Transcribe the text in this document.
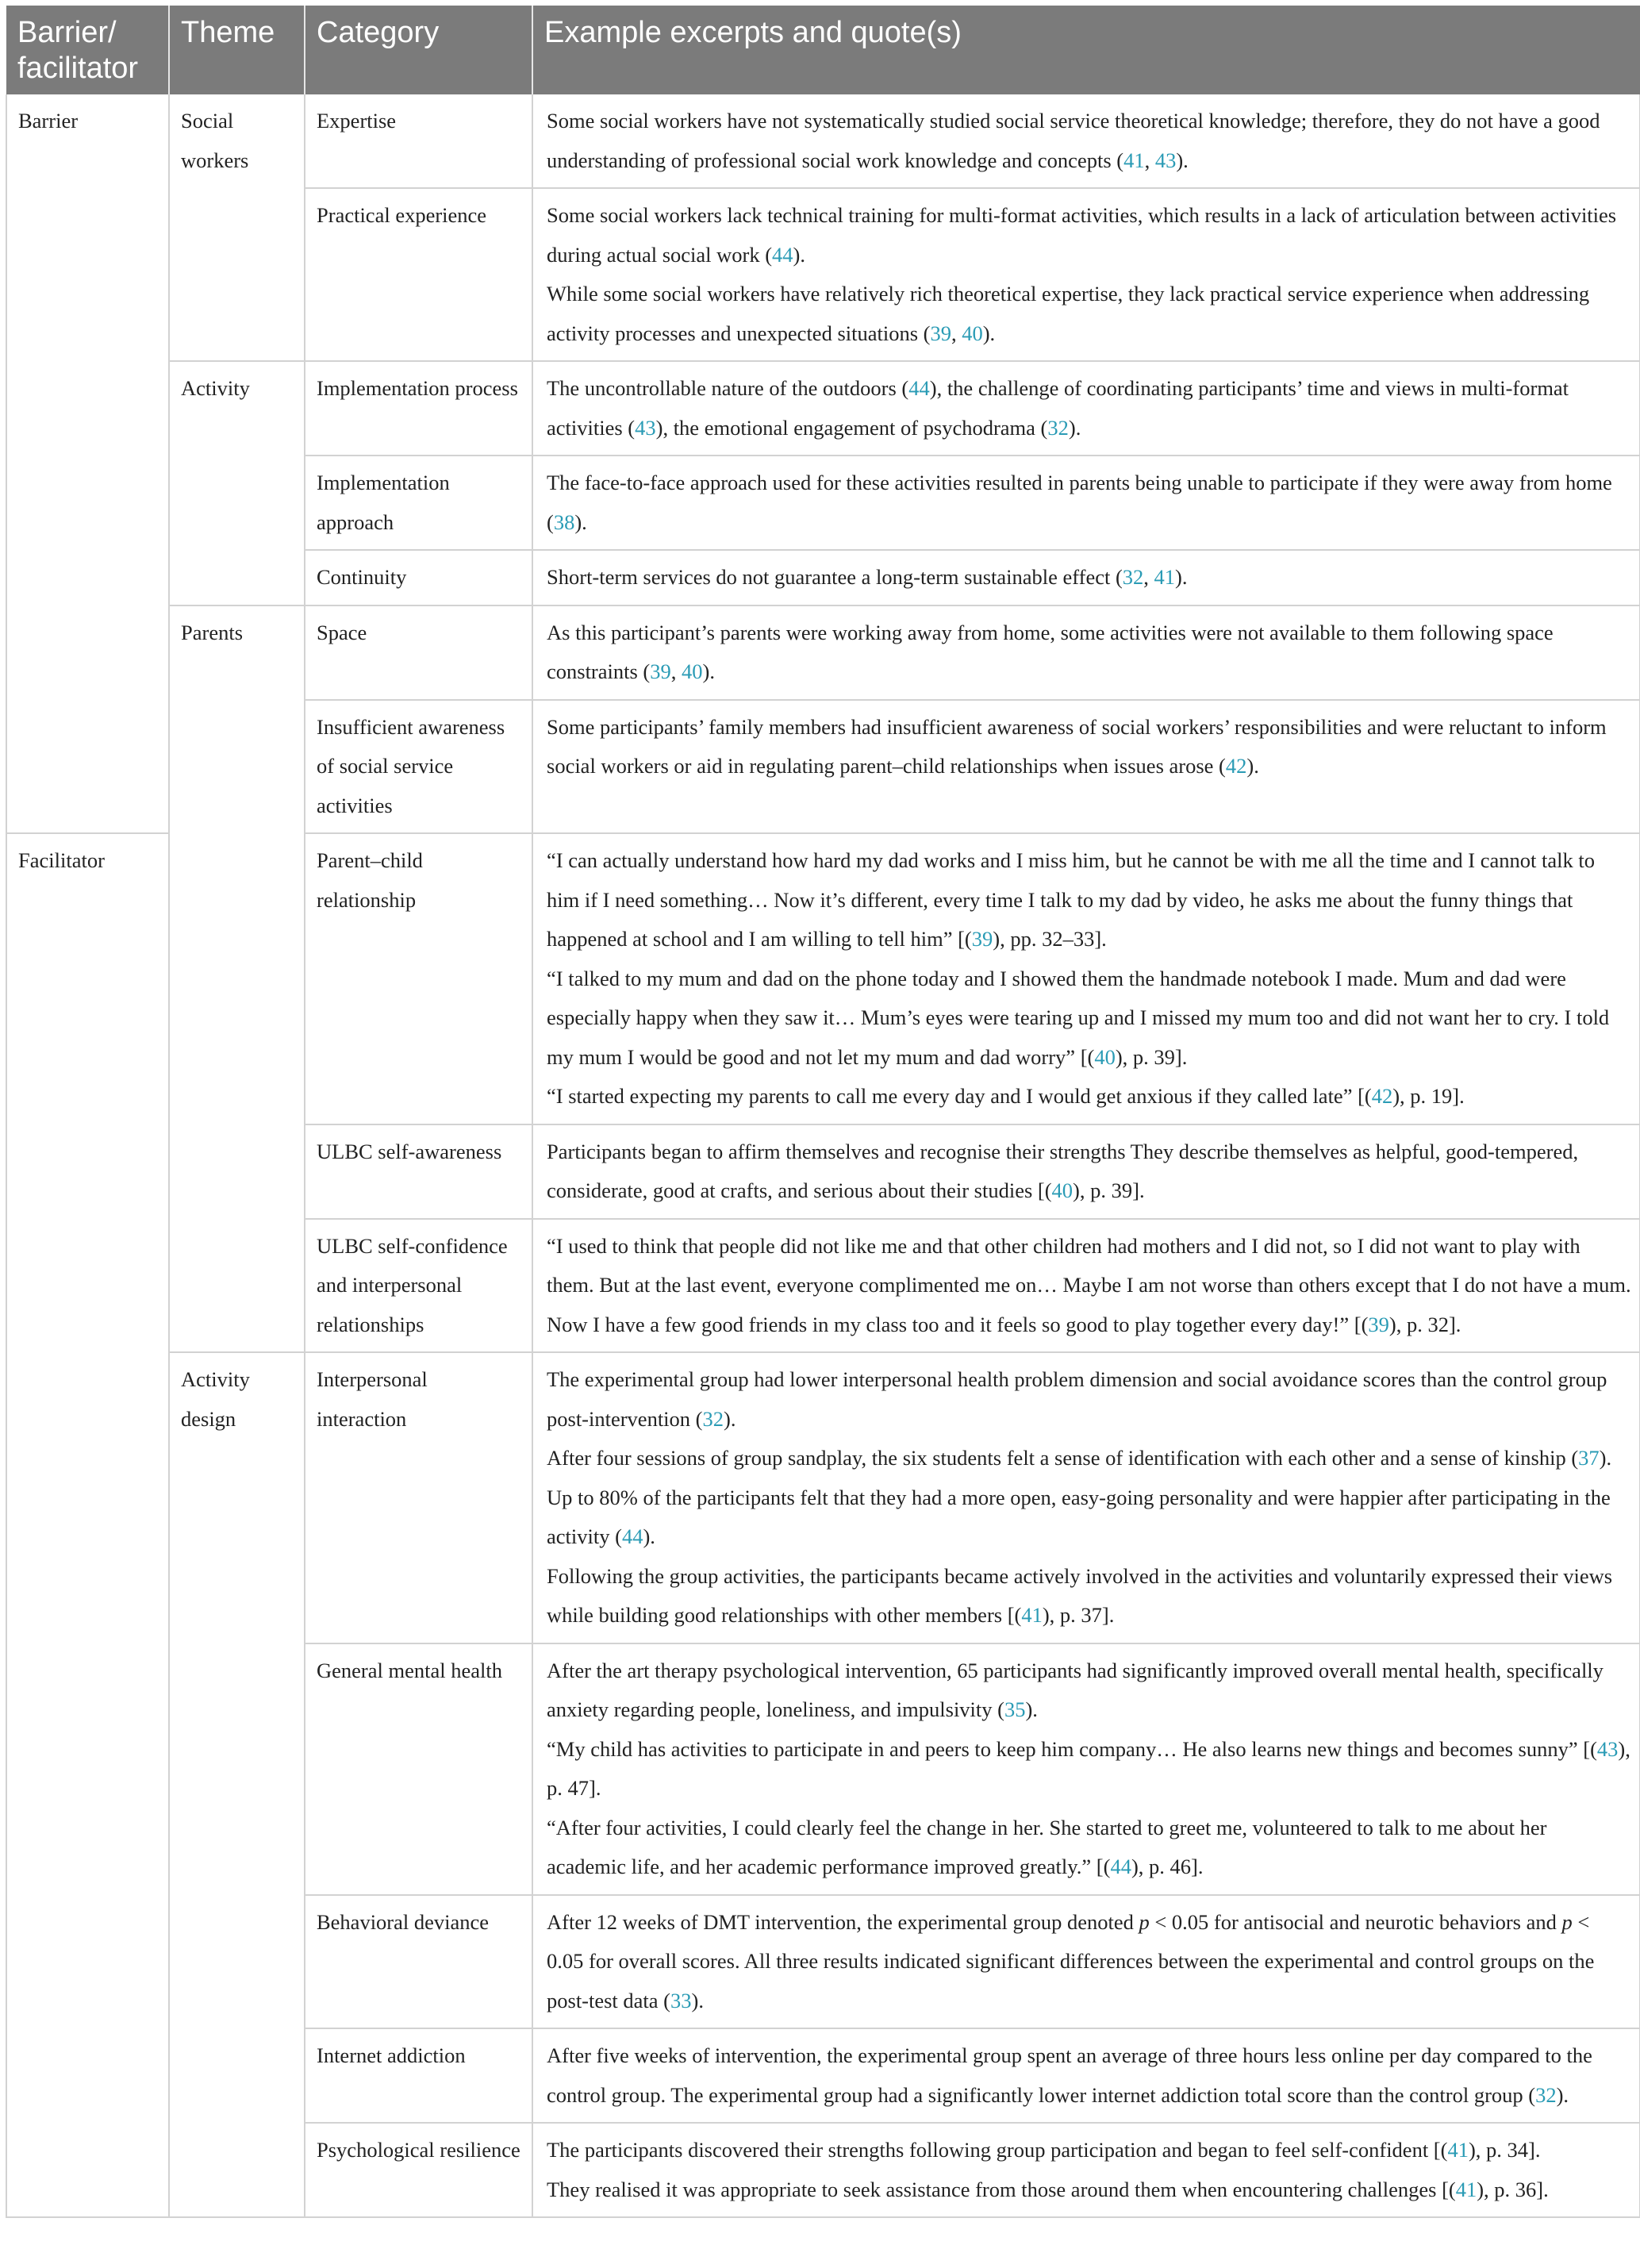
Barrier/ facilitator	Theme	Category	Example excerpts and quote(s)
Barrier	Social workers	Expertise	Some social workers have not systematically studied social service theoretical knowledge; therefore, they do not have a good understanding of professional social work knowledge and concepts (41, 43).

		Practical experience	Some social workers lack technical training for multi-format activities, which results in a lack of articulation between activities during actual social work (44).
While some social workers have relatively rich theoretical expertise, they lack practical service experience when addressing activity processes and unexpected situations (39, 40).

	Activity	Implementation process	The uncontrollable nature of the outdoors (44), the challenge of coordinating participants’ time and views in multi-format activities (43), the emotional engagement of psychodrama (32).

		Implementation approach	The face-to-face approach used for these activities resulted in parents being unable to participate if they were away from home (38).

		Continuity	Short-term services do not guarantee a long-term sustainable effect (32, 41).

	Parents	Space	As this participant’s parents were working away from home, some activities were not available to them following space constraints (39, 40).

		Insufficient awareness of social service activities	Some participants’ family members had insufficient awareness of social workers’ responsibilities and were reluctant to inform social workers or aid in regulating parent–child relationships when issues arose (42).

Facilitator		Parent–child relationship	“I can actually understand how hard my dad works and I miss him, but he cannot be with me all the time and I cannot talk to him if I need something… Now it’s different, every time I talk to my dad by video, he asks me about the funny things that happened at school and I am willing to tell him” [(39), pp. 32–33].
“I talked to my mum and dad on the phone today and I showed them the handmade notebook I made. Mum and dad were especially happy when they saw it… Mum’s eyes were tearing up and I missed my mum too and did not want her to cry. I told my mum I would be good and not let my mum and dad worry” [(40), p. 39].
“I started expecting my parents to call me every day and I would get anxious if they called late” [(42), p. 19].

		ULBC self-awareness	Participants began to affirm themselves and recognise their strengths They describe themselves as helpful, good-tempered, considerate, good at crafts, and serious about their studies [(40), p. 39].

		ULBC self-confidence and interpersonal relationships	“I used to think that people did not like me and that other children had mothers and I did not, so I did not want to play with them. But at the last event, everyone complimented me on… Maybe I am not worse than others except that I do not have a mum. Now I have a few good friends in my class too and it feels so good to play together every day!” [(39), p. 32].

	Activity design	Interpersonal interaction	The experimental group had lower interpersonal health problem dimension and social avoidance scores than the control group post-intervention (32).
After four sessions of group sandplay, the six students felt a sense of identification with each other and a sense of kinship (37).
Up to 80% of the participants felt that they had a more open, easy-going personality and were happier after participating in the activity (44).
Following the group activities, the participants became actively involved in the activities and voluntarily expressed their views while building good relationships with other members [(41), p. 37].

		General mental health	After the art therapy psychological intervention, 65 participants had significantly improved overall mental health, specifically anxiety regarding people, loneliness, and impulsivity (35).
“My child has activities to participate in and peers to keep him company… He also learns new things and becomes sunny” [(43), p. 47].
“After four activities, I could clearly feel the change in her. She started to greet me, volunteered to talk to me about her academic life, and her academic performance improved greatly.” [(44), p. 46].

		Behavioral deviance	After 12 weeks of DMT intervention, the experimental group denoted p < 0.05 for antisocial and neurotic behaviors and p < 0.05 for overall scores. All three results indicated significant differences between the experimental and control groups on the post-test data (33).

		Internet addiction	After five weeks of intervention, the experimental group spent an average of three hours less online per day compared to the control group. The experimental group had a significantly lower internet addiction total score than the control group (32).

		Psychological resilience	The participants discovered their strengths following group participation and began to feel self-confident [(41), p. 34].
They realised it was appropriate to seek assistance from those around them when encountering challenges [(41), p. 36].
